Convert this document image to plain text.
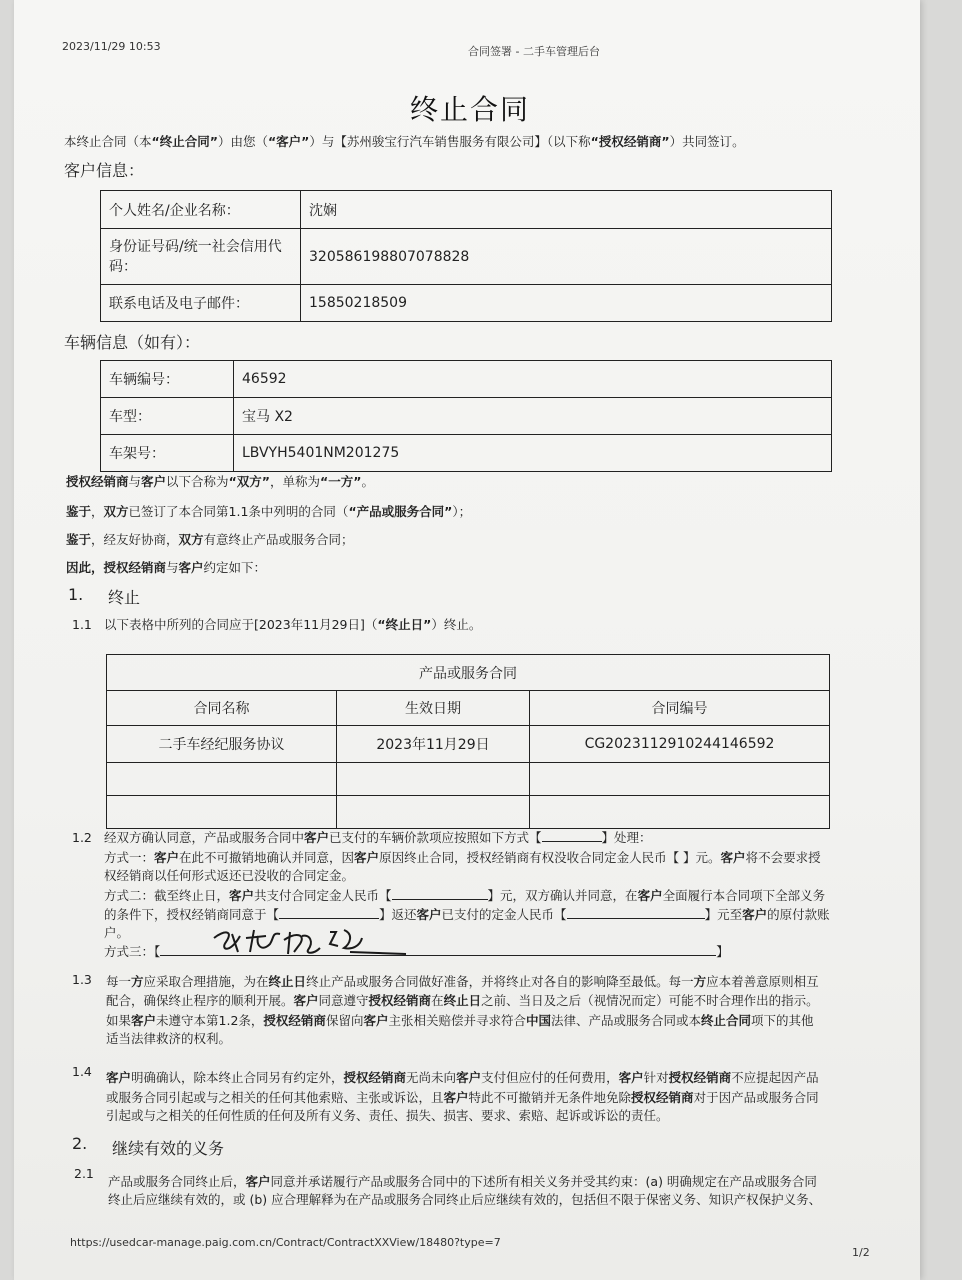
2023/11/29 10:53	合同签署 - 二手车管理后台
终止合同
本终止合同（本“终止合同”）由您（“客户”）与【苏州骏宝行汽车销售服务有限公司】（以下称“授权经销商”）共同签订。
客户信息：
个人姓名/企业名称：	沈娴
身份证号码/统一社会信用代码：	320586198807078828
联系电话及电子邮件：	15850218509
车辆信息（如有）：
车辆编号：	46592
车型：	宝马 X2
车架号：	LBVYH5401NM201275
授权经销商与客户以下合称为“双方”，单称为“一方”。
鉴于，双方已签订了本合同第1.1条中列明的合同（“产品或服务合同”）；
鉴于，经友好协商，双方有意终止产品或服务合同；
因此，授权经销商与客户约定如下：
1. 终止
1.1 以下表格中所列的合同应于[2023年11月29日]（“终止日”）终止。
产品或服务合同		
合同名称	生效日期	合同编号
二手车经纪服务协议	2023年11月29日	CG2023112910244146592

1.2 经双方确认同意，产品或服务合同中客户已支付的车辆价款项应按照如下方式【	】处理：
方式一：客户在此不可撤销地确认并同意，因客户原因终止合同，授权经销商有权没收合同定金人民币【 】元。客户将不会要求授
权经销商以任何形式返还已没收的合同定金。
方式二：截至终止日，客户共支付合同定金人民币【	】元，双方确认并同意，在客户全面履行本合同项下全部义务
的条件下，授权经销商同意于【	】返还客户已支付的定金人民币【	】元至客户的原付款账
户。
方式三：【	】
1.3 每一方应采取合理措施，为在终止日终止产品或服务合同做好准备，并将终止对各自的影响降至最低。每一方应本着善意原则相互
配合，确保终止程序的顺利开展。客户同意遵守授权经销商在终止日之前、当日及之后（视情况而定）可能不时合理作出的指示。
如果客户未遵守本第1.2条，授权经销商保留向客户主张相关赔偿并寻求符合中国法律、产品或服务合同或本终止合同项下的其他
适当法律救济的权利。
1.4 客户明确确认，除本终止合同另有约定外，授权经销商无尚未向客户支付但应付的任何费用，客户针对授权经销商不应提起因产品
或服务合同引起或与之相关的任何其他索赔、主张或诉讼，且客户特此不可撤销并无条件地免除授权经销商对于因产品或服务合同
引起或与之相关的任何性质的任何及所有义务、责任、损失、损害、要求、索赔、起诉或诉讼的责任。
2. 继续有效的义务
2.1
产品或服务合同终止后，客户同意并承诺履行产品或服务合同中的下述所有相关义务并受其约束：(a) 明确规定在产品或服务合同
终止后应继续有效的，或 (b) 应合理解释为在产品或服务合同终止后应继续有效的，包括但不限于保密义务、知识产权保护义务、
https://usedcar-manage.paig.com.cn/Contract/ContractXXView/18480?type=7
1/2
